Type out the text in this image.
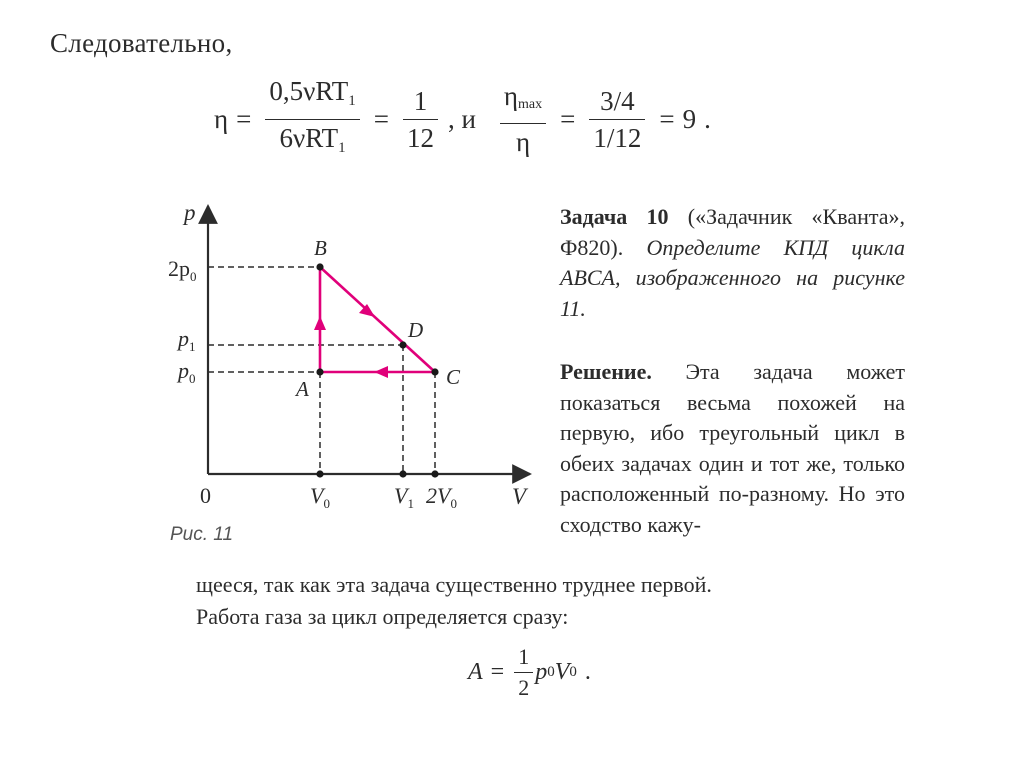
Следовательно,
$\eta = \frac{0,5\nu RT_1}{6\nu RT_1} = \frac{1}{12}$ , и $\frac{\eta_{max}}{\eta} = \frac{3/4}{1/12} = 9$ .
p
V
B
A	C
D
$2p_0$
$p_1$
$p_0$
$V_0$	$V_1$ $2V_0$
0
Рис. 11
Задача 10 («Задачник «Кванта», Ф820). Определите КПД цикла ABCA, изображенного на рисунке 11.
Решение. Эта задача может показаться весьма похожей на первую, ибо треугольный цикл в обеих задачах один и тот же, только расположенный по-разному. Но это сходство кажу-
щееся, так как эта задача существенно труднее первой.
Работа газа за цикл определяется сразу:
$A = \frac{1}{2}$ p 0 V 0 .
